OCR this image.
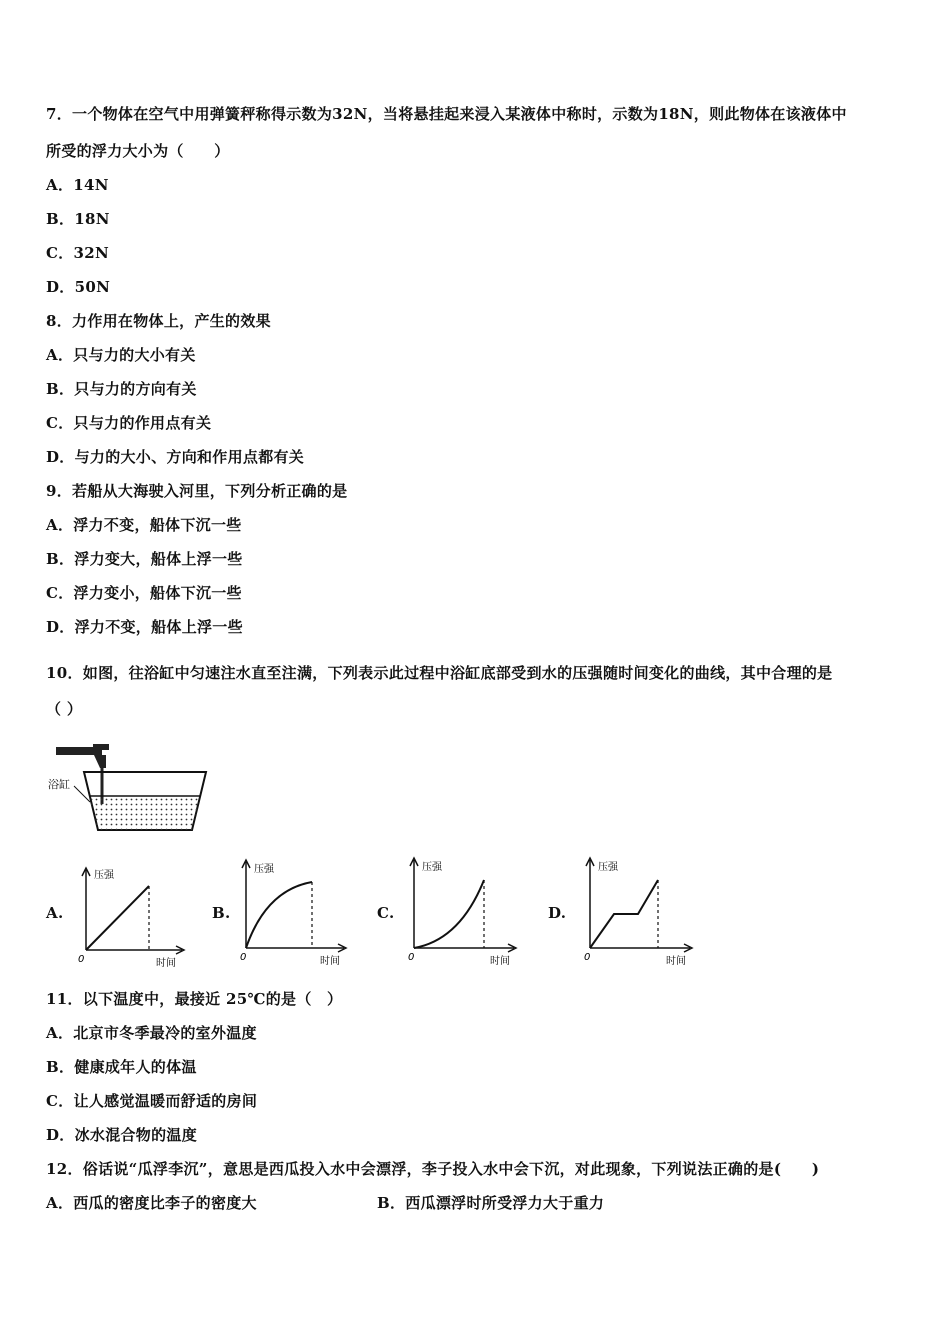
7．一个物体在空气中用弹簧秤称得示数为32N，当将悬挂起来浸入某液体中称时，示数为18N，则此物体在该液体中
所受的浮力大小为（　　）
A．14N
B．18N
C．32N
D．50N
8．力作用在物体上，产生的效果
A．只与力的大小有关
B．只与力的方向有关
C．只与力的作用点有关
D．与力的大小、方向和作用点都有关
9．若船从大海驶入河里，下列分析正确的是
A．浮力不变，船体下沉一些
B．浮力变大，船体上浮一些
C．浮力变小，船体下沉一些
D．浮力不变，船体上浮一些
10．如图，往浴缸中匀速注水直至注满，下列表示此过程中浴缸底部受到水的压强随时间变化的曲线，其中合理的是
（ ）
浴缸
A.	B.	C.	D.
压强
0	时间
压强
0	时间
压强
0	时间
压强
0	时间
11．以下温度中，最接近 25℃的是（　）
A．北京市冬季最冷的室外温度
B．健康成年人的体温
C．让人感觉温暖而舒适的房间
D．冰水混合物的温度
12．俗话说“瓜浮李沉”，意思是西瓜投入水中会漂浮，李子投入水中会下沉，对此现象，下列说法正确的是(　　)
A．西瓜的密度比李子的密度大	B．西瓜漂浮时所受浮力大于重力
